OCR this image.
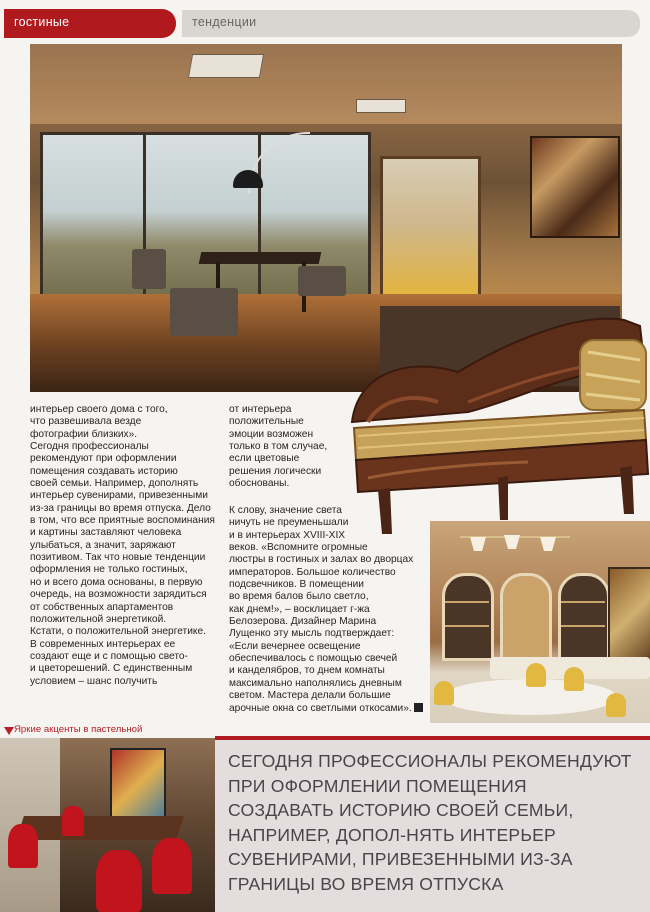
гостиные	тенденции

интерьер своего дома с того,

что развешивала везде

фотографии близких».

Сегодня профессионалы

рекомендуют при оформлении

помещения создавать историю

своей семьи. Например, дополнять

интерьер сувенирами, привезенными

из-за границы во время отпуска. Дело

в том, что все приятные воспоминания

и картины заставляют человека

улыбаться, а значит, заряжают

позитивом. Так что новые тенденции

оформления не только гостиных,

но и всего дома основаны, в первую

очередь, на возможности зарядиться

от собственных апартаментов

положительной энергетикой.

Кстати, о положительной энергетике.

В современных интерьерах ее

создают еще и с помощью свето-

и цветорешений. С единственным

условием – шанс получить

от интерьера

положительные

эмоции возможен

только в том случае,

если цветовые

решения логически

обоснованы.

К слову, значение света

ничуть не преуменьшали

и в интерьерах XVIII-XIX

веков. «Вспомните огромные

люстры в гостиных и залах во дворцах

императоров. Большое количество

подсвечников. В помещении

во время балов было светло,

как днем!», – восклицает г-жа

Белозерова. Дизайнер Марина

Лущенко эту мысль подтверждает:

«Если вечернее освещение

обеспечивалось с помощью свечей

и канделябров, то днем комнаты

максимально наполнялись дневным

светом. Мастера делали большие

арочные окна со светлыми откосами».

Яркие акценты в пастельной
СЕГОДНЯ ПРОФЕССИОНАЛЫ РЕКОМЕНДУЮТ ПРИ ОФОРМЛЕНИИ ПОМЕЩЕНИЯ СОЗДАВАТЬ ИСТОРИЮ СВОЕЙ СЕМЬИ, НАПРИМЕР, ДОПОЛ-НЯТЬ ИНТЕРЬЕР СУВЕНИРАМИ, ПРИВЕЗЕННЫМИ ИЗ-ЗА ГРАНИЦЫ ВО ВРЕМЯ ОТПУСКА
